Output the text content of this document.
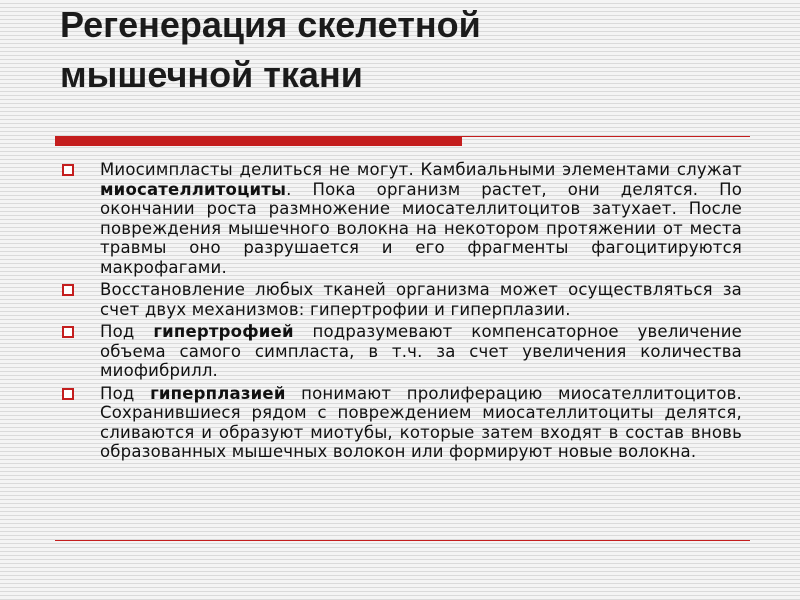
Регенерация скелетной
мышечной ткани
Миосимпласты делиться не могут. Камбиальными элементами служат миосателлитоциты. Пока организм растет, они делятся. По окончании роста размножение миосателлитоцитов затухает. После повреждения мышечного волокна на некотором протяжении от места травмы оно разрушается и его фрагменты фагоцитируются макрофагами.
Восстановление любых тканей организма может осуществляться за счет двух механизмов: гипертрофии и гиперплазии.
Под гипертрофией подразумевают компенсаторное увеличение объема самого симпласта, в т.ч. за счет увеличения количества миофибрилл.
Под гиперплазией понимают пролиферацию миосателлитоцитов. Сохранившиеся рядом с повреждением миосателлитоциты делятся, сливаются и образуют миотубы, которые затем входят в состав вновь образованных мышечных волокон или формируют новые волокна.
